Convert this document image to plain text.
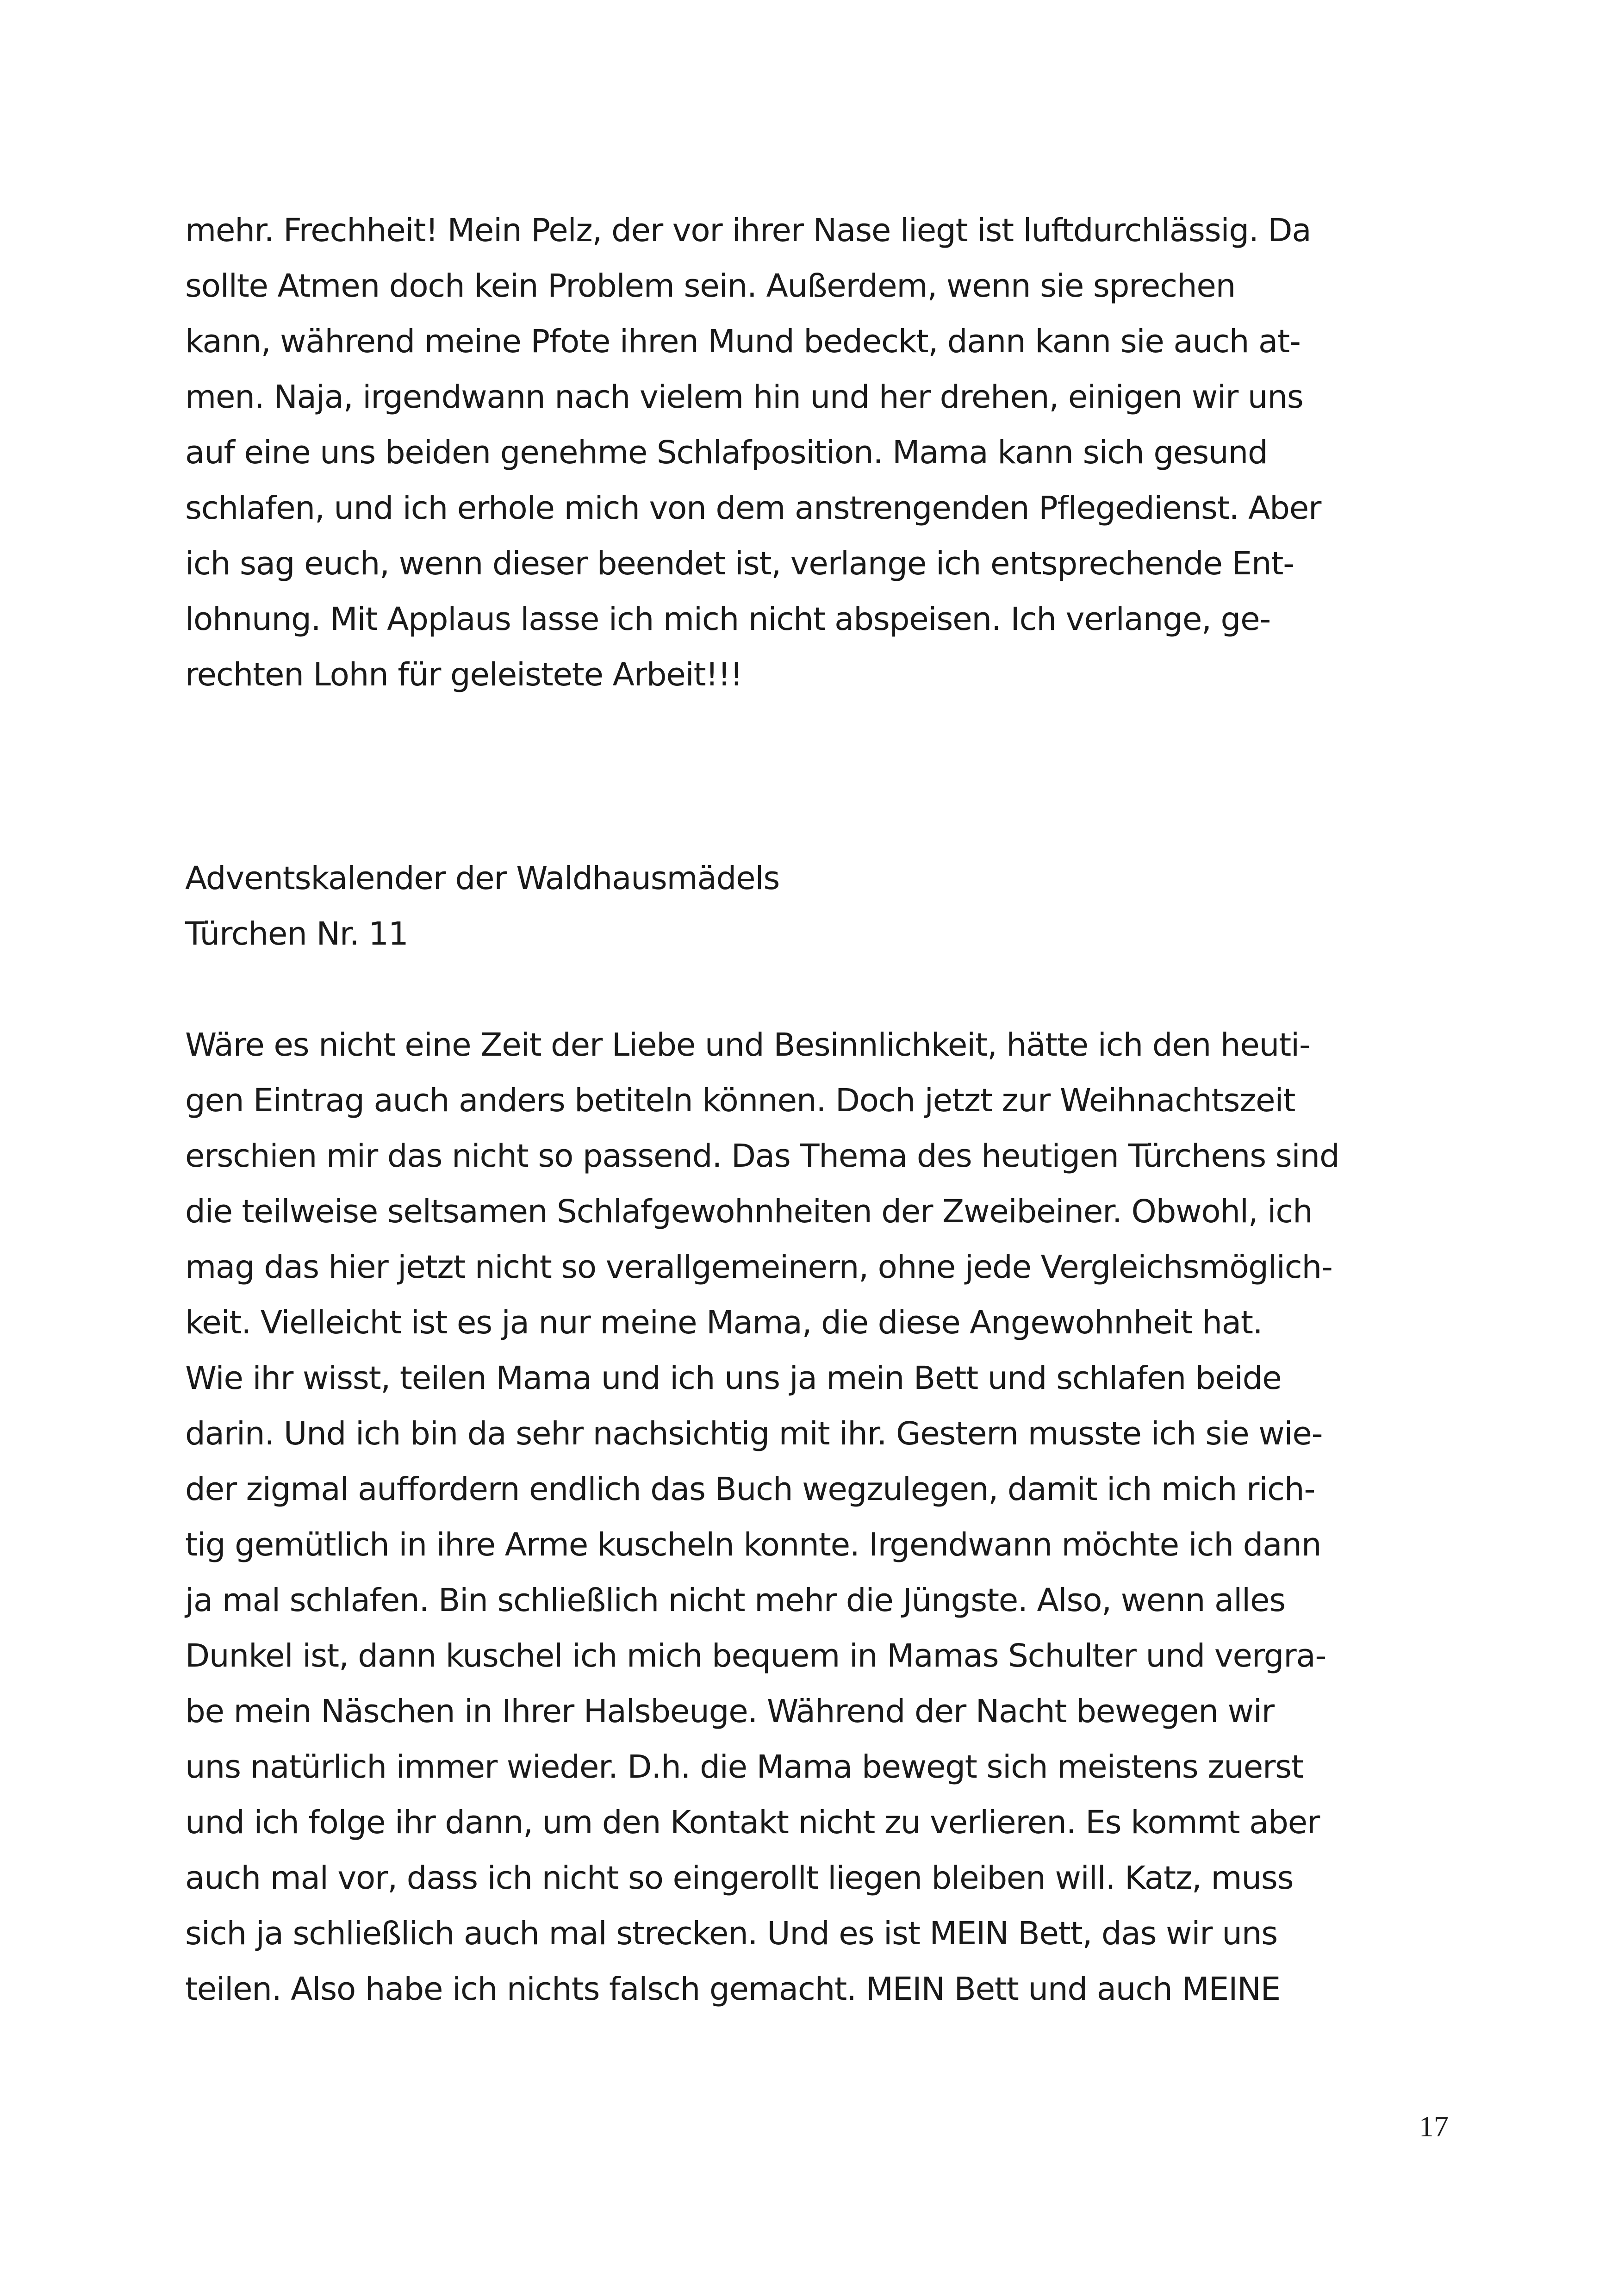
mehr. Frechheit! Mein Pelz, der vor ihrer Nase liegt ist luftdurchlässig. Da
sollte Atmen doch kein Problem sein. Außerdem, wenn sie sprechen
kann, während meine Pfote ihren Mund bedeckt, dann kann sie auch at-
men. Naja, irgendwann nach vielem hin und her drehen, einigen wir uns
auf eine uns beiden genehme Schlafposition. Mama kann sich gesund
schlafen, und ich erhole mich von dem anstrengenden Pflegedienst. Aber
ich sag euch, wenn dieser beendet ist, verlange ich entsprechende Ent-
lohnung. Mit Applaus lasse ich mich nicht abspeisen. Ich verlange, ge-
rechten Lohn für geleistete Arbeit!!!
Adventskalender der Waldhausmädels
Türchen Nr. 11
Wäre es nicht eine Zeit der Liebe und Besinnlichkeit, hätte ich den heuti-
gen Eintrag auch anders betiteln können. Doch jetzt zur Weihnachtszeit
erschien mir das nicht so passend. Das Thema des heutigen Türchens sind
die teilweise seltsamen Schlafgewohnheiten der Zweibeiner. Obwohl, ich
mag das hier jetzt nicht so verallgemeinern, ohne jede Vergleichsmöglich-
keit. Vielleicht ist es ja nur meine Mama, die diese Angewohnheit hat.
Wie ihr wisst, teilen Mama und ich uns ja mein Bett und schlafen beide
darin. Und ich bin da sehr nachsichtig mit ihr. Gestern musste ich sie wie-
der zigmal auffordern endlich das Buch wegzulegen, damit ich mich rich-
tig gemütlich in ihre Arme kuscheln konnte. Irgendwann möchte ich dann
ja mal schlafen. Bin schließlich nicht mehr die Jüngste. Also, wenn alles
Dunkel ist, dann kuschel ich mich bequem in Mamas Schulter und vergra-
be mein Näschen in Ihrer Halsbeuge. Während der Nacht bewegen wir
uns natürlich immer wieder. D.h. die Mama bewegt sich meistens zuerst
und ich folge ihr dann, um den Kontakt nicht zu verlieren. Es kommt aber
auch mal vor, dass ich nicht so eingerollt liegen bleiben will. Katz, muss
sich ja schließlich auch mal strecken. Und es ist MEIN Bett, das wir uns
teilen. Also habe ich nichts falsch gemacht. MEIN Bett und auch MEINE
17
